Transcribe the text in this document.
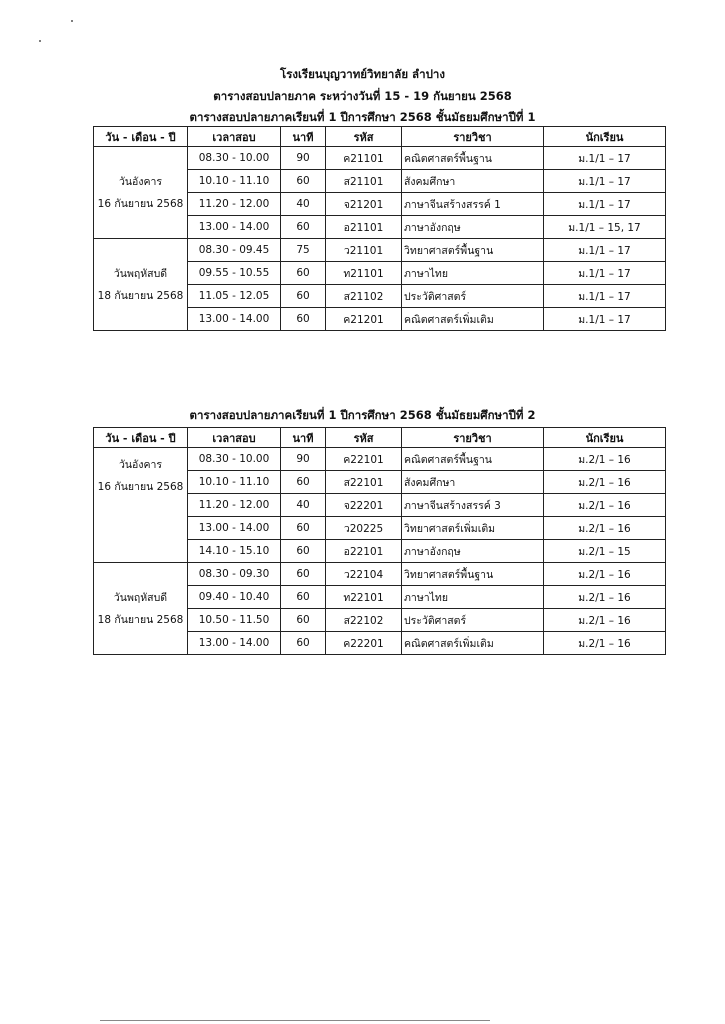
โรงเรียนบุญวาทย์วิทยาลัย ลำปาง
ตารางสอบปลายภาค ระหว่างวันที่ 15 - 19 กันยายน 2568
ตารางสอบปลายภาคเรียนที่ 1 ปีการศึกษา 2568 ชั้นมัธยมศึกษาปีที่ 1
วัน - เดือน - ปี	เวลาสอบ	นาที	รหัส	รายวิชา	นักเรียน

วันอังคาร
16 กันยายน 2568	08.30 - 10.00	90	ค21101	คณิตศาสตร์พื้นฐาน	ม.1/1 – 17
	10.10 - 11.10	60	ส21101	สังคมศึกษา	ม.1/1 – 17
	11.20 - 12.00	40	จ21201	ภาษาจีนสร้างสรรค์ 1	ม.1/1 – 17
	13.00 - 14.00	60	อ21101	ภาษาอังกฤษ	ม.1/1 – 15, 17

วันพฤหัสบดี
18 กันยายน 2568	08.30 - 09.45	75	ว21101	วิทยาศาสตร์พื้นฐาน	ม.1/1 – 17
	09.55 - 10.55	60	ท21101	ภาษาไทย	ม.1/1 – 17
	11.05 - 12.05	60	ส21102	ประวัติศาสตร์	ม.1/1 – 17
	13.00 - 14.00	60	ค21201	คณิตศาสตร์เพิ่มเติม	ม.1/1 – 17
ตารางสอบปลายภาคเรียนที่ 1 ปีการศึกษา 2568 ชั้นมัธยมศึกษาปีที่ 2
วัน - เดือน - ปี	เวลาสอบ	นาที	รหัส	รายวิชา	นักเรียน

วันอังคาร
16 กันยายน 2568	08.30 - 10.00	90	ค22101	คณิตศาสตร์พื้นฐาน	ม.2/1 – 16
	10.10 - 11.10	60	ส22101	สังคมศึกษา	ม.2/1 – 16
	11.20 - 12.00	40	จ22201	ภาษาจีนสร้างสรรค์ 3	ม.2/1 – 16
	13.00 - 14.00	60	ว20225	วิทยาศาสตร์เพิ่มเติม	ม.2/1 – 16
	14.10 - 15.10	60	อ22101	ภาษาอังกฤษ	ม.2/1 – 15

วันพฤหัสบดี
18 กันยายน 2568	08.30 - 09.30	60	ว22104	วิทยาศาสตร์พื้นฐาน	ม.2/1 – 16
	09.40 - 10.40	60	ท22101	ภาษาไทย	ม.2/1 – 16
	10.50 - 11.50	60	ส22102	ประวัติศาสตร์	ม.2/1 – 16
	13.00 - 14.00	60	ค22201	คณิตศาสตร์เพิ่มเติม	ม.2/1 – 16
